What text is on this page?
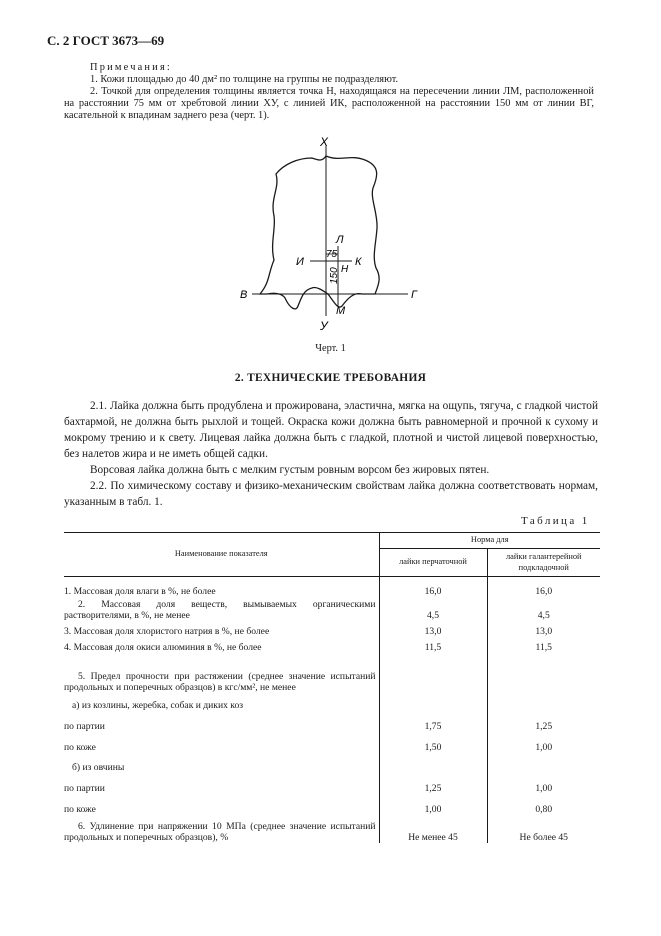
С. 2 ГОСТ 3673—69
Примечания:
1. Кожи площадью до 40 дм² по толщине на группы не подразделяют.
2. Точкой для определения толщины является точка Н, находящаяся на пересечении линии ЛМ, расположенной на расстоянии 75 мм от хребтовой линии ХУ, с линией ИК, расположенной на расстоянии 150 мм от линии ВГ, касательной к впадинам заднего реза (черт. 1).
Х
У
Л
М
И	К
Н
В	Г
75
150
Черт. 1
2. ТЕХНИЧЕСКИЕ ТРЕБОВАНИЯ

2.1. Лайка должна быть продублена и прожирована, эластична, мягка на ощупь, тягуча, с гладкой чистой бахтармой, не должна быть рыхлой и тощей. Окраска кожи должна быть равномерной и прочной к сухому и мокрому трению и к свету. Лицевая лайка должна быть с гладкой, плотной и чистой лицевой поверхностью, без налетов жира и не иметь общей садки.

Ворсовая лайка должна быть с мелким густым ровным ворсом без жировых пятен.

2.2. По химическому составу и физико-механическим свойствам лайка должна соответствовать нормам, указанным в табл. 1.

Таблица 1
Наименование показателя	Норма для	
	лайки перчаточной	лайки галантерейной подкладочной
1. Массовая доля влаги в %, не более	16,0	16,0
2. Массовая доля веществ, вымываемых органическими растворителями, в %, не менее	4,5	4,5
3. Массовая доля хлористого натрия в %, не более	13,0	13,0
4. Массовая доля окиси алюминия в %, не более	11,5	11,5
5. Предел прочности при растяжении (среднее значение испытаний продольных и поперечных образцов) в кгс/мм², не менее		
а) из козлины, жеребка, собак и диких коз		
по партии	1,75	1,25
по коже	1,50	1,00
б) из овчины		
по партии	1,25	1,00
по коже	1,00	0,80
6. Удлинение при напряжении 10 МПа (среднее значение испытаний продольных и поперечных образцов), %	Не менее 45	Не более 45
